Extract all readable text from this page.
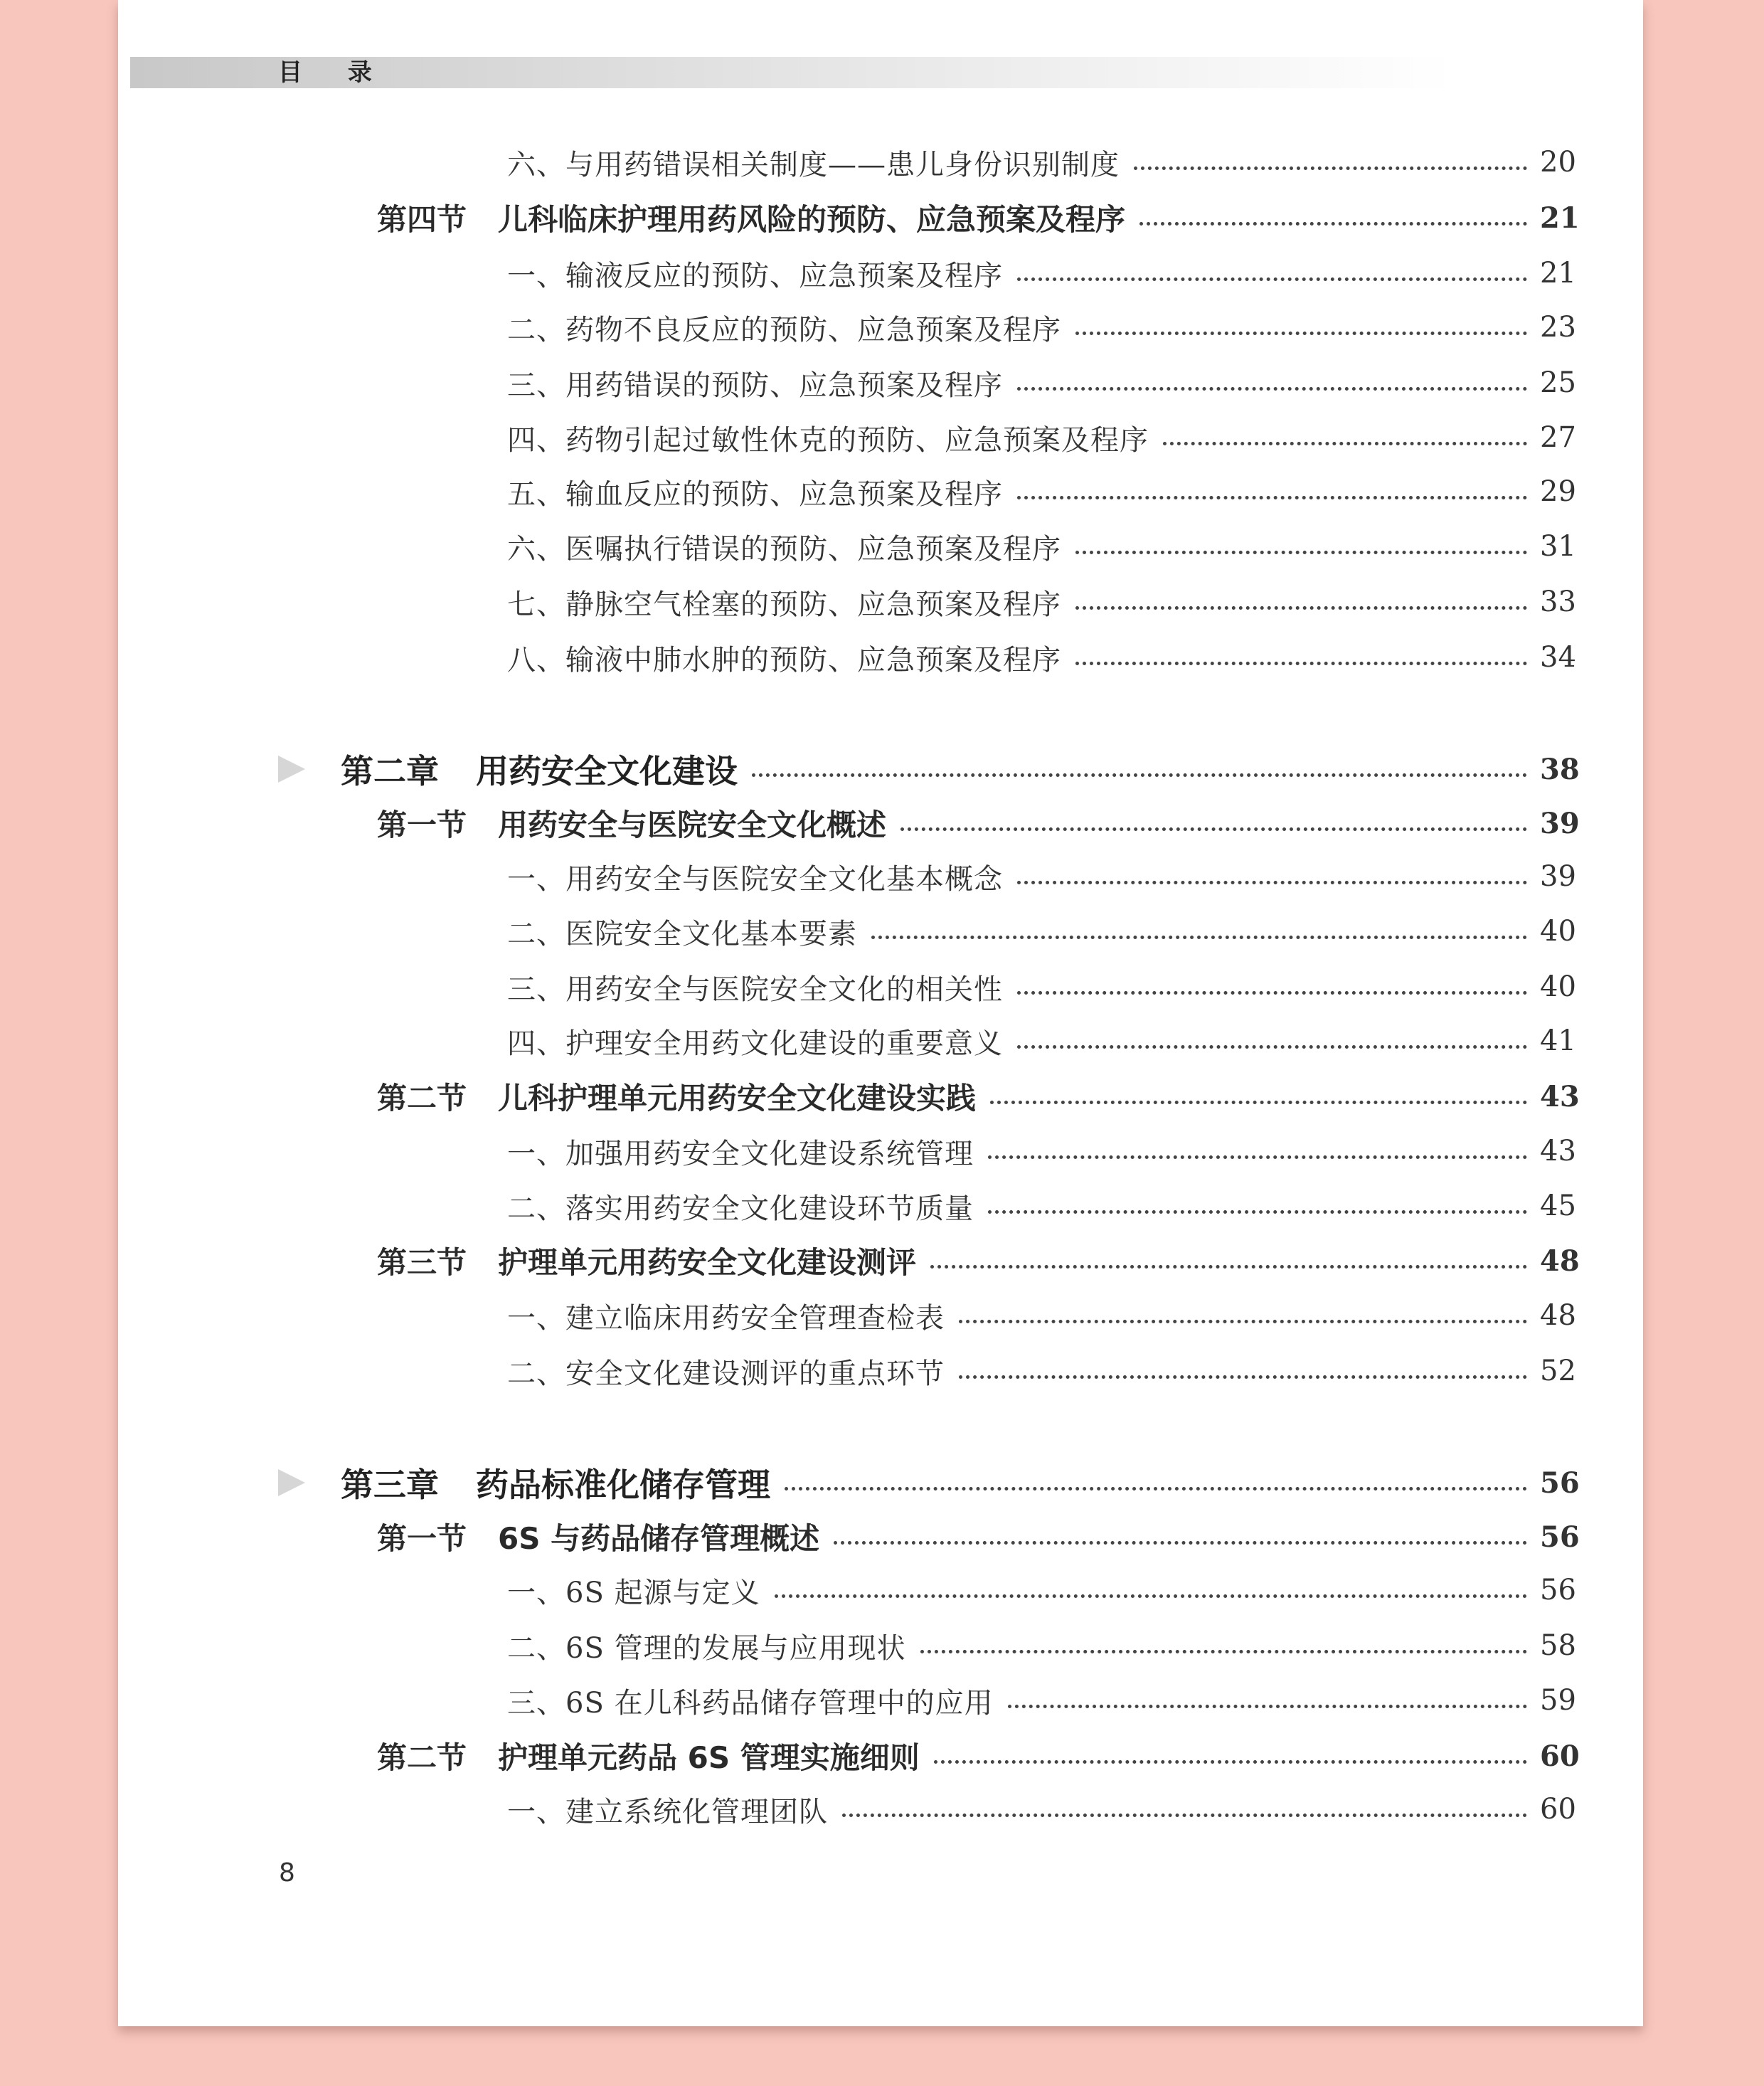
目 录
六、与用药错误相关制度——患儿身份识别制度	20
第四节 儿科临床护理用药风险的预防、应急预案及程序	21
一、输液反应的预防、应急预案及程序	21
二、药物不良反应的预防、应急预案及程序	23
三、用药错误的预防、应急预案及程序	25
四、药物引起过敏性休克的预防、应急预案及程序	27
五、输血反应的预防、应急预案及程序	29
六、医嘱执行错误的预防、应急预案及程序	31
七、静脉空气栓塞的预防、应急预案及程序	33
八、输液中肺水肿的预防、应急预案及程序	34
第二章 用药安全文化建设	38
第一节 用药安全与医院安全文化概述	39
一、用药安全与医院安全文化基本概念	39
二、医院安全文化基本要素	40
三、用药安全与医院安全文化的相关性	40
四、护理安全用药文化建设的重要意义	41
第二节 儿科护理单元用药安全文化建设实践	43
一、加强用药安全文化建设系统管理	43
二、落实用药安全文化建设环节质量	45
第三节 护理单元用药安全文化建设测评	48
一、建立临床用药安全管理查检表	48
二、安全文化建设测评的重点环节	52
第三章 药品标准化储存管理	56
第一节 6S 与药品储存管理概述	56
一、6S 起源与定义	56
二、6S 管理的发展与应用现状	58
三、6S 在儿科药品储存管理中的应用	59
第二节 护理单元药品 6S 管理实施细则	60
一、建立系统化管理团队	60
8
